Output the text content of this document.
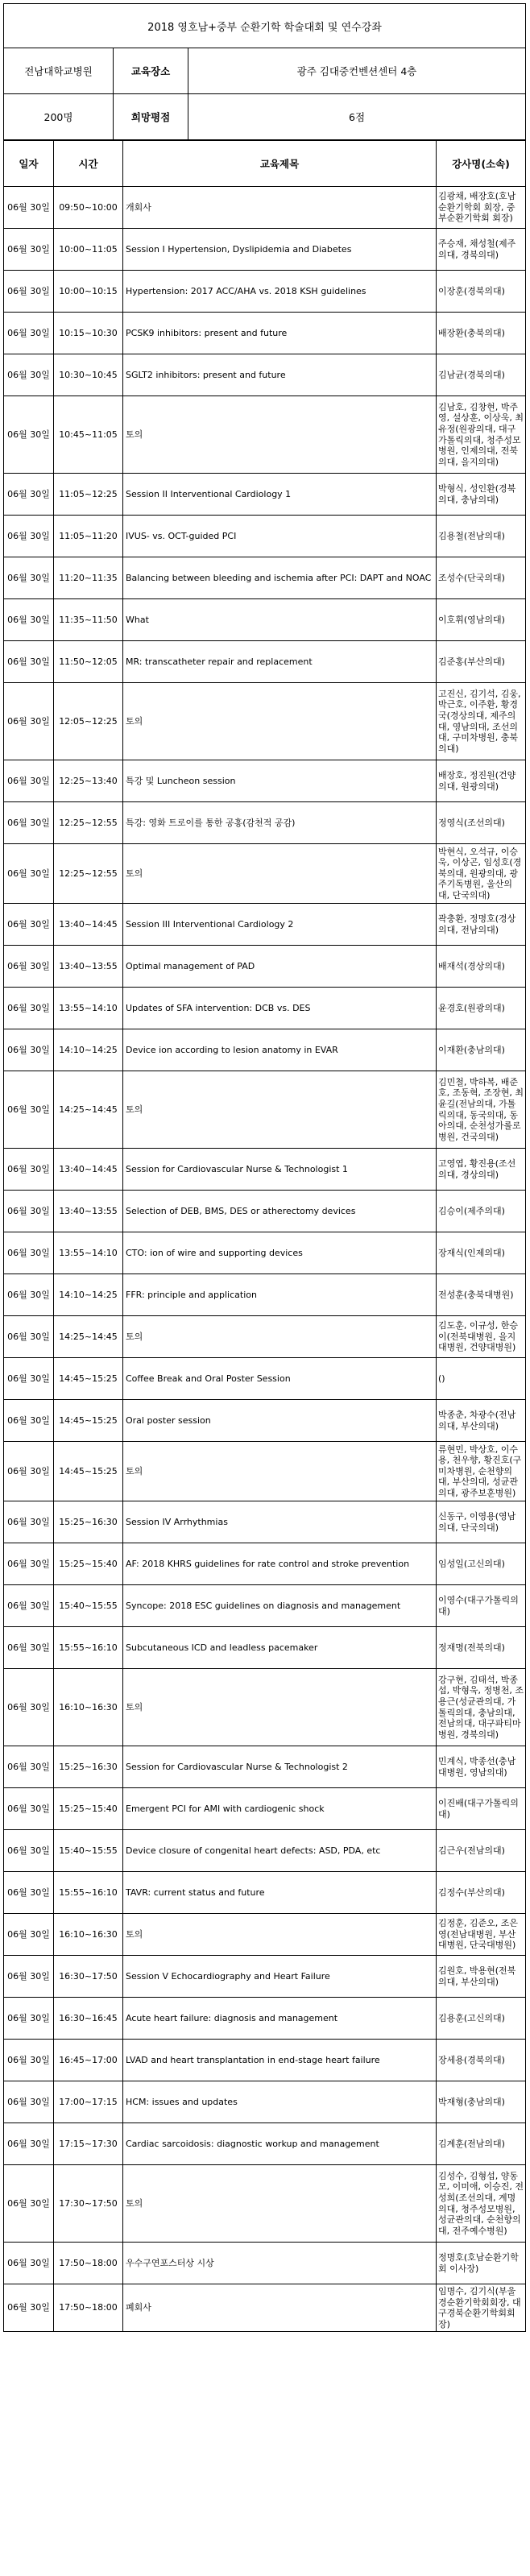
2018 영호남+중부 순환기학 학술대회 및 연수강좌		
전남대학교병원	교육장소	광주 김대중컨벤션센터 4층
200명	희망평점	6점
일자	시간	교육제목	강사명(소속)
06월 30일	09:50~10:00	개회사	김광채, 배장호(호남순환기학회 회장, 중부순환기학회 회장)
06월 30일	10:00~11:05	Session I Hypertension, Dyslipidemia and Diabetes	주승재, 채성철(제주의대, 경북의대)
06월 30일	10:00~10:15	Hypertension: 2017 ACC/AHA vs. 2018 KSH guidelines	이장훈(경북의대)
06월 30일	10:15~10:30	PCSK9 inhibitors: present and future	배장환(충북의대)
06월 30일	10:30~10:45	SGLT2 inhibitors: present and future	김남균(경북의대)
06월 30일	10:45~11:05	토의	김남호, 김창현, 박주영, 설상훈, 이상욱, 최유정(원광의대, 대구가톨릭의대, 청주성모병원, 인제의대, 전북의대, 을지의대)
06월 30일	11:05~12:25	Session II Interventional Cardiology 1	박형식, 성인환(경북의대, 충남의대)
06월 30일	11:05~11:20	IVUS- vs. OCT-guided PCI	김용철(전남의대)
06월 30일	11:20~11:35	Balancing between bleeding and ischemia after PCI: DAPT and NOAC	조성수(단국의대)
06월 30일	11:35~11:50	What	이호휘(영남의대)
06월 30일	11:50~12:05	MR: transcatheter repair and replacement	김준홍(부산의대)
06월 30일	12:05~12:25	토의	고진신, 김기석, 김웅, 박근호, 이주환, 황경국(경상의대, 제주의대, 영남의대, 조선의대, 구미차병원, 충북의대)
06월 30일	12:25~13:40	특강 및 Luncheon session	배장호, 정진원(건양의대, 원광의대)
06월 30일	12:25~12:55	특강: 영화 트로이를 통한 공홍(감천적 공감)	정영식(조선의대)
06월 30일	12:25~12:55	토의	박현식, 오석규, 이승욱, 이상곤, 임성호(경북의대, 원광의대, 광주기독병원, 울산의대, 단국의대)
06월 30일	13:40~14:45	Session III Interventional Cardiology 2	곽충환, 정명호(경상의대, 전남의대)
06월 30일	13:40~13:55	Optimal management of PAD	배재석(경상의대)
06월 30일	13:55~14:10	Updates of SFA intervention: DCB vs. DES	윤경호(원광의대)
06월 30일	14:10~14:25	Device ion according to lesion anatomy in EVAR	이재환(충남의대)
06월 30일	14:25~14:45	토의	김민철, 박하복, 배준호, 조동혁, 조장현, 최윤길(전남의대, 가톨릭의대, 동국의대, 동아의대, 순천성가롤로병원, 건국의대)
06월 30일	13:40~14:45	Session for Cardiovascular Nurse & Technologist 1	고영엽, 황진용(조선의대, 경상의대)
06월 30일	13:40~13:55	Selection of DEB, BMS, DES or atherectomy devices	김승이(제주의대)
06월 30일	13:55~14:10	CTO: ion of wire and supporting devices	장재식(인제의대)
06월 30일	14:10~14:25	FFR: principle and application	전성훈(충북대병원)
06월 30일	14:25~14:45	토의	김도훈, 이규성, 한승이(전북대병원, 을지대병원, 건양대병원)
06월 30일	14:45~15:25	Coffee Break and Oral Poster Session	()
06월 30일	14:45~15:25	Oral poster session	박종춘, 차광수(전남의대, 부산의대)
06월 30일	14:45~15:25	토의	류현민, 박상호, 이수용, 천우향, 황진호(구미차병원, 순천향의대, 부산의대, 성균관의대, 광주보훈병원)
06월 30일	15:25~16:30	Session IV Arrhythmias	신동구, 이영용(영남의대, 단국의대)
06월 30일	15:25~15:40	AF: 2018 KHRS guidelines for rate control and stroke prevention	임성일(고신의대)
06월 30일	15:40~15:55	Syncope: 2018 ESC guidelines on diagnosis and management	이영수(대구가톨릭의대)
06월 30일	15:55~16:10	Subcutaneous ICD and leadless pacemaker	정재명(전북의대)
06월 30일	16:10~16:30	토의	강구현, 김태석, 박종섭, 박형욱, 정병천, 조용근(성균관의대, 가톨릭의대, 충남의대, 전남의대, 대구파티마병원, 경북의대)
06월 30일	15:25~16:30	Session for Cardiovascular Nurse & Technologist 2	민계식, 박종선(충남대병원, 영남의대)
06월 30일	15:25~15:40	Emergent PCI for AMI with cardiogenic shock	이진배(대구가톨릭의대)
06월 30일	15:40~15:55	Device closure of congenital heart defects: ASD, PDA, etc	김근우(전남의대)
06월 30일	15:55~16:10	TAVR: current status and future	김정수(부산의대)
06월 30일	16:10~16:30	토의	김정훈, 김준오, 조은영(전남대병원, 부산대병원, 단국대병원)
06월 30일	16:30~17:50	Session V Echocardiography and Heart Failure	김원호, 박용현(전북의대, 부산의대)
06월 30일	16:30~16:45	Acute heart failure: diagnosis and management	김용훈(고신의대)
06월 30일	16:45~17:00	LVAD and heart transplantation in end-stage heart failure	장세용(경북의대)
06월 30일	17:00~17:15	HCM: issues and updates	박재형(충남의대)
06월 30일	17:15~17:30	Cardiac sarcoidosis: diagnostic workup and management	김계훈(전남의대)
06월 30일	17:30~17:50	토의	김성수, 김형섭, 양동모, 이미애, 이승진, 전성희(조선의대, 계명의대, 청주성모병원, 성균관의대, 순천향의대, 전주예수병원)
06월 30일	17:50~18:00	우수구연포스터상 시상	정명호(호남순환기학회 이사장)
06월 30일	17:50~18:00	폐회사	임명수, 김기식(부울경순환기학회회장, 대구경북순환기학회회장)
